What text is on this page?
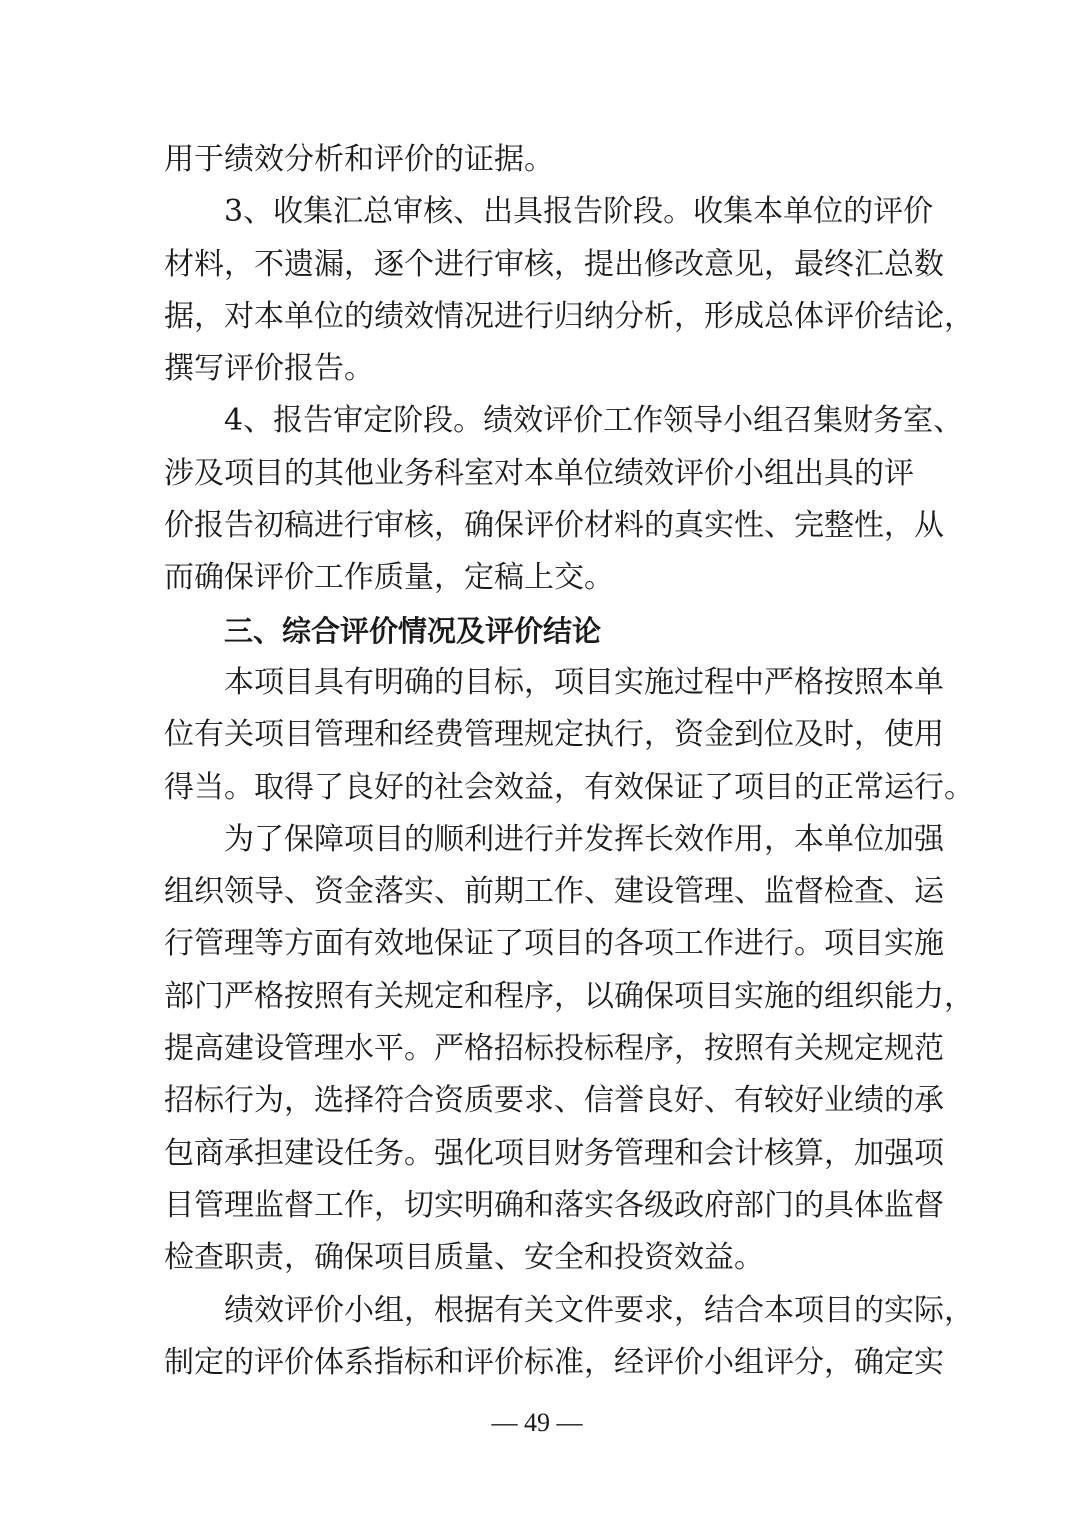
用于绩效分析和评价的证据。
3、收集汇总审核、出具报告阶段。收集本单位的评价
材料，不遗漏，逐个进行审核，提出修改意见，最终汇总数
据，对本单位的绩效情况进行归纳分析，形成总体评价结论，
撰写评价报告。
4、报告审定阶段。绩效评价工作领导小组召集财务室、
涉及项目的其他业务科室对本单位绩效评价小组出具的评
价报告初稿进行审核，确保评价材料的真实性、完整性，从
而确保评价工作质量，定稿上交。
三、综合评价情况及评价结论
本项目具有明确的目标，项目实施过程中严格按照本单
位有关项目管理和经费管理规定执行，资金到位及时，使用
得当。取得了良好的社会效益，有效保证了项目的正常运行。
为了保障项目的顺利进行并发挥长效作用，本单位加强
组织领导、资金落实、前期工作、建设管理、监督检查、运
行管理等方面有效地保证了项目的各项工作进行。项目实施
部门严格按照有关规定和程序，以确保项目实施的组织能力，
提高建设管理水平。严格招标投标程序，按照有关规定规范
招标行为，选择符合资质要求、信誉良好、有较好业绩的承
包商承担建设任务。强化项目财务管理和会计核算，加强项
目管理监督工作，切实明确和落实各级政府部门的具体监督
检查职责，确保项目质量、安全和投资效益。
绩效评价小组，根据有关文件要求，结合本项目的实际，
制定的评价体系指标和评价标准，经评价小组评分，确定实

— 49 —
